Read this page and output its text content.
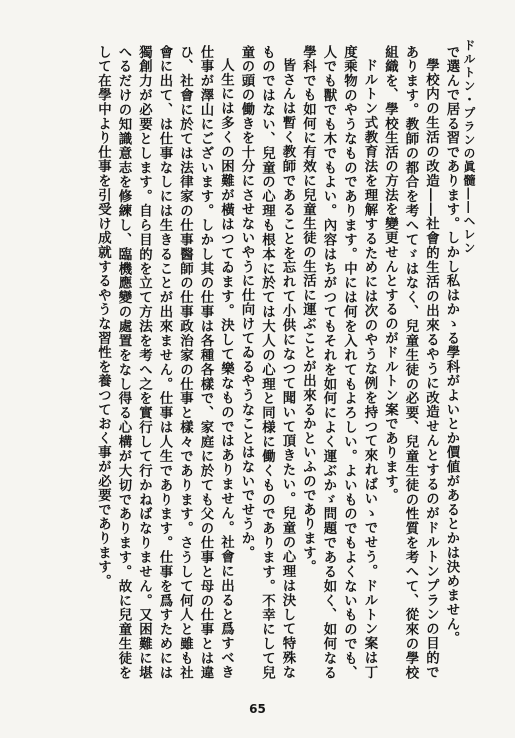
ドルトン・プランの眞髓――ヘレン

で選んで居る習であります。しかし私はかゝる學科がよいとか價値があるとかは決めません。

學校内の生活の改造――社會的生活の出來るやうに改造せんとするのがドルトンプランの目的であります。教師の都合を考へてゞはなく、兒童生徒の必要、兒童生徒の性質を考へて、從來の學校組織を、學校生活の方法を變更せんとするのがドルトン案であります。

ドルトン式教育法を理解するためには次のやうな例を持つて來ればいゝでせう。ドルトン案は丁度乘物のやうなものであります。中には何を入れてもよろしい。よいものでもよくないものでも、人でも獸でも木でもよい。內容はちがつてもそれを如何によく運ぶかゞ問題である如く、如何なる學科でも如何に有效に兒童生徒の生活に運ぶことが出來るかといふのであります。

皆さんは暫く教師であることを忘れて小供になつて聞いて頂きたい。兒童の心理は決して特殊なものではない、兒童の心理も根本に於ては大人の心理と同様に働くものであります。不幸にして兒童の頭の働きを十分にさせないやうに仕向けてゐるやうなことはないでせうか。

人生には多くの困難が橫はつてゐます。決して樂なものではありません。社會に出ると爲すべき仕事が澤山にございます。しかし其の仕事は各種各樣で、家庭に於ても父の仕事と母の仕事とは違ひ、社會に於ては法律家の仕事醫師の仕事政治家の仕事と樣々であります。さうして何人と雖も社會に出て、は仕事なしには生きることが出來ません。仕事は人生であります。仕事を爲すためには獨創力が必要とします。自ら目的を立て方法を考へ之を實行して行かねばなりません。又困難に堪へるだけの知識意志を修練し、臨機應變の處置をなし得る心構が大切であります。故に兒童生徒をして在學中より仕事を引受け成就するやうな習性を養つておく事が必要であります。

65
